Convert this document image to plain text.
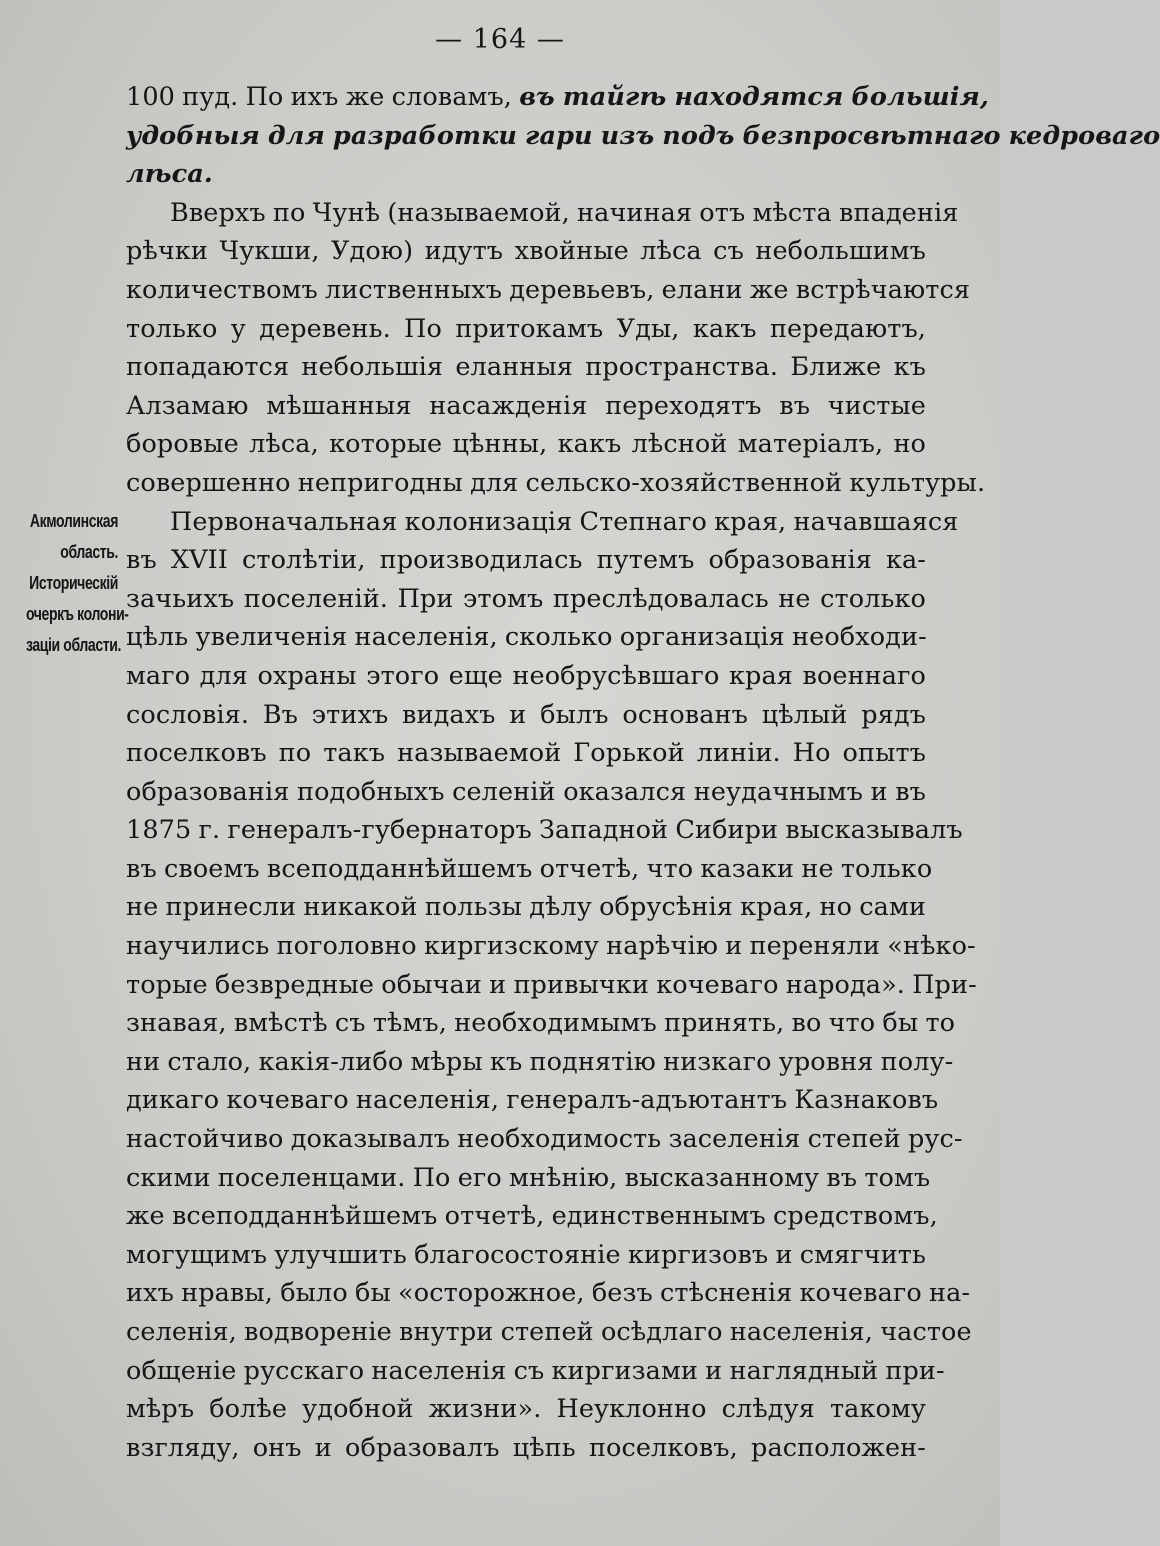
— 164 —
Акмолинская
область.
Историческій
очеркъ колони-
заціи области.
100 пуд. По ихъ же словамъ, въ тайгѣ находятся большія,
удобныя для разработки гари изъ подъ безпросвѣтнаго кедроваго
лѣса.
Вверхъ по Чунѣ (называемой, начиная отъ мѣста впаденія
рѣчки Чукши, Удою) идутъ хвойные лѣса съ небольшимъ
количествомъ лиственныхъ деревьевъ, елани же встрѣчаются
только у деревень. По притокамъ Уды, какъ передаютъ,
попадаются небольшія еланныя пространства. Ближе къ
Алзамаю мѣшанныя насажденія переходятъ въ чистые
боровые лѣса, которые цѣнны, какъ лѣсной матеріалъ, но
совершенно непригодны для сельско-хозяйственной культуры.
Первоначальная колонизація Степнаго края, начавшаяся
въ XVII столѣтіи, производилась путемъ образованія ка-
зачьихъ поселеній. При этомъ преслѣдовалась не столько
цѣль увеличенія населенія, сколько организація необходи-
маго для охраны этого еще необрусѣвшаго края военнаго
сословія. Въ этихъ видахъ и былъ основанъ цѣлый рядъ
поселковъ по такъ называемой Горькой линіи. Но опытъ
образованія подобныхъ селеній оказался неудачнымъ и въ
1875 г. генералъ-губернаторъ Западной Сибири высказывалъ
въ своемъ всеподданнѣйшемъ отчетѣ, что казаки не только
не принесли никакой пользы дѣлу обрусѣнія края, но сами
научились поголовно киргизскому нарѣчію и переняли «нѣко-
торые безвредные обычаи и привычки кочеваго народа». При-
знавая, вмѣстѣ съ тѣмъ, необходимымъ принять, во что бы то
ни стало, какія-либо мѣры къ поднятію низкаго уровня полу-
дикаго кочеваго населенія, генералъ-адъютантъ Казнаковъ
настойчиво доказывалъ необходимость заселенія степей рус-
скими поселенцами. По его мнѣнію, высказанному въ томъ
же всеподданнѣйшемъ отчетѣ, единственнымъ средствомъ,
могущимъ улучшить благосостояніе киргизовъ и смягчить
ихъ нравы, было бы «осторожное, безъ стѣсненія кочеваго на-
селенія, водвореніе внутри степей осѣдлаго населенія, частое
общеніе русскаго населенія съ киргизами и наглядный при-
мѣръ болѣе удобной жизни». Неуклонно слѣдуя такому
взгляду, онъ и образовалъ цѣпь поселковъ, расположен-
